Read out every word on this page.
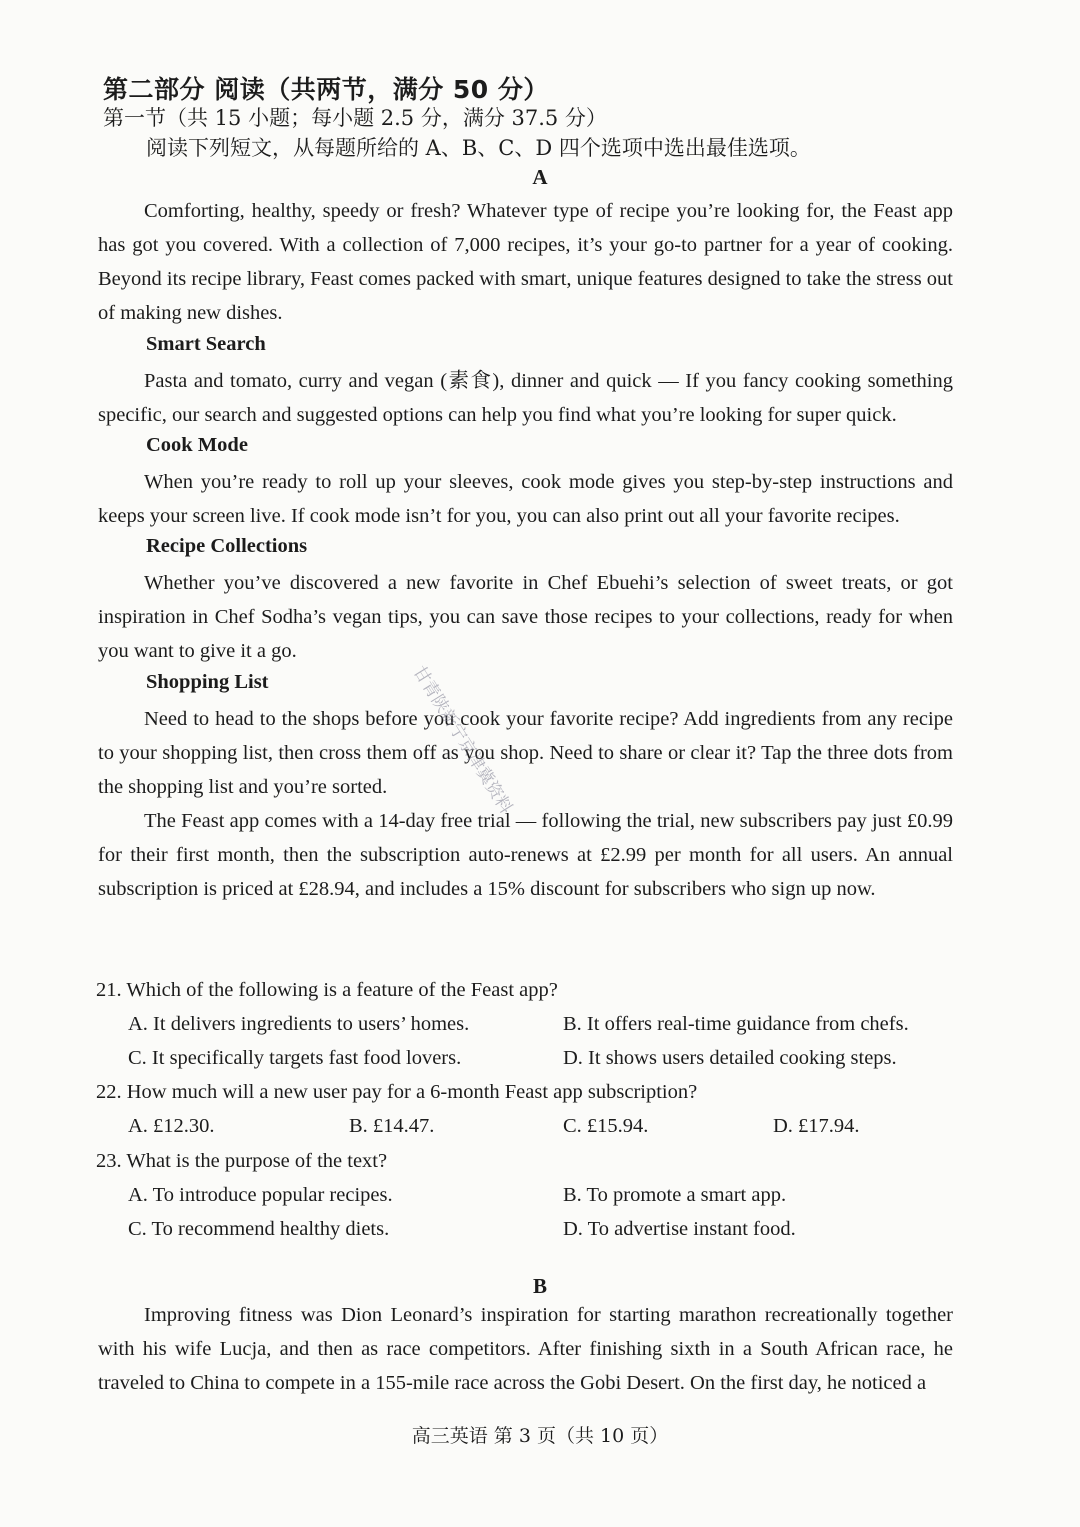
第二部分 阅读（共两节，满分 50 分）
第一节（共 15 小题；每小题 2.5 分，满分 37.5 分）
阅读下列短文，从每题所给的 A、B、C、D 四个选项中选出最佳选项。
A
Comforting, healthy, speedy or fresh? Whatever type of recipe you’re looking for, the Feast app has got you covered. With a collection of 7,000 recipes, it’s your go-to partner for a year of cooking. Beyond its recipe library, Feast comes packed with smart, unique features designed to take the stress out of making new dishes.
Smart Search
Pasta and tomato, curry and vegan (素食), dinner and quick — If you fancy cooking something specific, our search and suggested options can help you find what you’re looking for super quick.
Cook Mode
When you’re ready to roll up your sleeves, cook mode gives you step-by-step instructions and keeps your screen live. If cook mode isn’t for you, you can also print out all your favorite recipes.
Recipe Collections
Whether you’ve discovered a new favorite in Chef Ebuehi’s selection of sweet treats, or got inspiration in Chef Sodha’s vegan tips, you can save those recipes to your collections, ready for when you want to give it a go.
Shopping List
Need to head to the shops before you cook your favorite recipe? Add ingredients from any recipe to your shopping list, then cross them off as you shop. Need to share or clear it? Tap the three dots from the shopping list and you’re sorted.
The Feast app comes with a 14-day free trial — following the trial, new subscribers pay just £0.99 for their first month, then the subscription auto-renews at £2.99 per month for all users. An annual subscription is priced at £28.94, and includes a 15% discount for subscribers who sign up now.
21. Which of the following is a feature of the Feast app?
A. It delivers ingredients to users’ homes.	B. It offers real-time guidance from chefs.
C. It specifically targets fast food lovers.	D. It shows users detailed cooking steps.
22. How much will a new user pay for a 6-month Feast app subscription?
A. £12.30.	B. £14.47.	C. £15.94.	D. £17.94.
23. What is the purpose of the text?
A. To introduce popular recipes.	B. To promote a smart app.
C. To recommend healthy diets.	D. To advertise instant food.
B
Improving fitness was Dion Leonard’s inspiration for starting marathon recreationally together with his wife Lucja, and then as race competitors. After finishing sixth in a South African race, he traveled to China to compete in a 155-mile race across the Gobi Desert. On the first day, he noticed a
甘青陕新宁京津冀资料
高三英语 第 3 页（共 10 页）
